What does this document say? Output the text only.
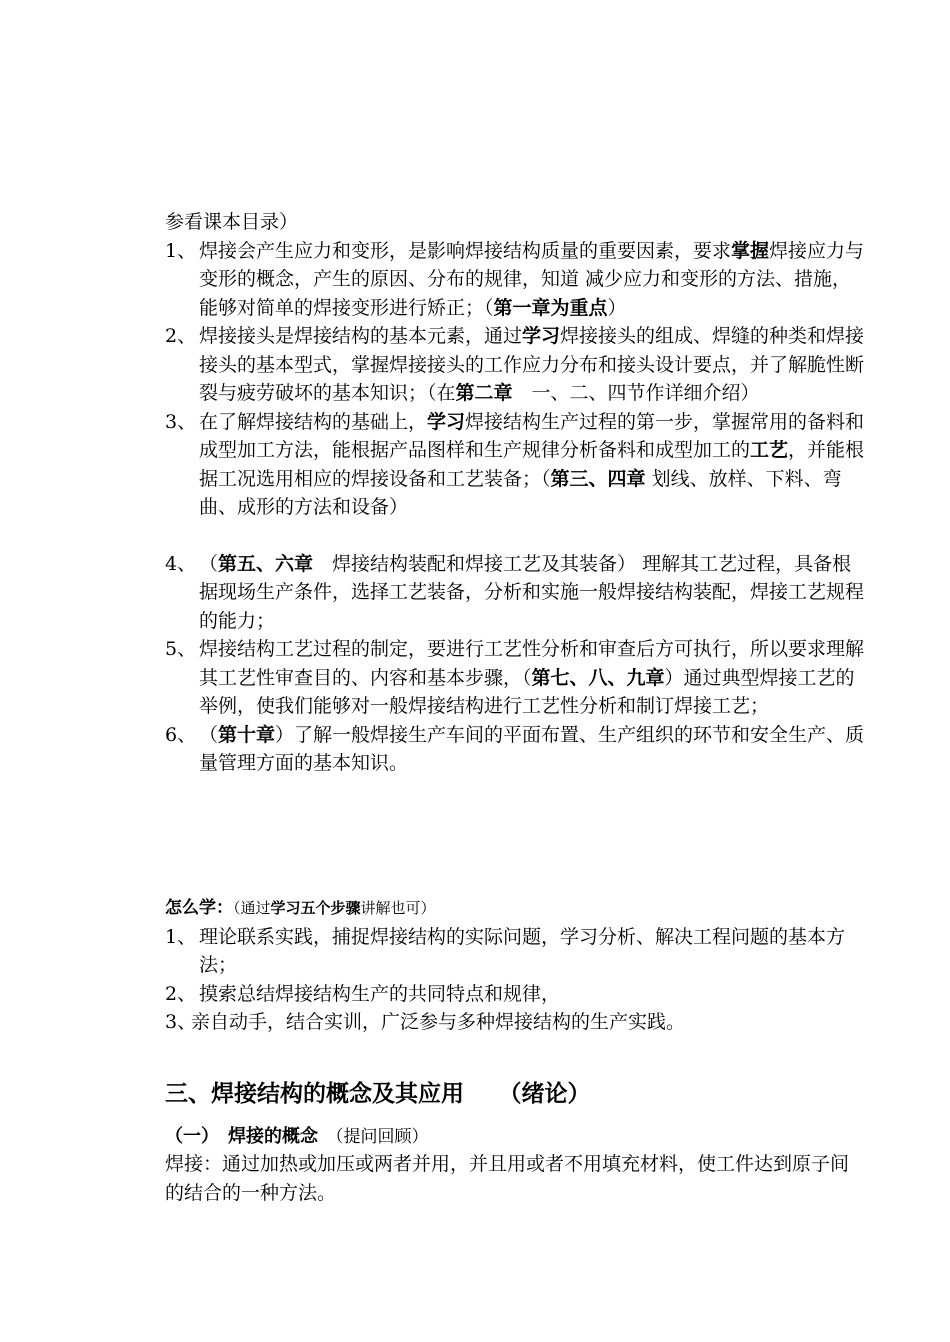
参看课本目录）
1、 焊接会产生应力和变形，是影响焊接结构质量的重要因素，要求掌握焊接应力与变形的概念，产生的原因、分布的规律，知道 减少应力和变形的方法、措施，能够对简单的焊接变形进行矫正；（第一章为重点）
2、 焊接接头是焊接结构的基本元素，通过学习焊接接头的组成、焊缝的种类和焊接接头的基本型式，掌握焊接接头的工作应力分布和接头设计要点，并了解脆性断裂与疲劳破坏的基本知识；（在第二章　一、二、四节作详细介绍）
3、 在了解焊接结构的基础上，学习焊接结构生产过程的第一步，掌握常用的备料和成型加工方法，能根据产品图样和生产规律分析备料和成型加工的工艺，并能根据工况选用相应的焊接设备和工艺装备；（第三、四章 划线、放样、下料、弯曲、成形的方法和设备）
4、 （第五、六章　焊接结构装配和焊接工艺及其装备） 理解其工艺过程，具备根据现场生产条件，选择工艺装备，分析和实施一般焊接结构装配，焊接工艺规程的能力；
5、 焊接结构工艺过程的制定，要进行工艺性分析和审查后方可执行，所以要求理解其工艺性审查目的、内容和基本步骤，（第七、八、九章）通过典型焊接工艺的 举例，使我们能够对一般焊接结构进行工艺性分析和制订焊接工艺；
6、 （第十章）了解一般焊接生产车间的平面布置、生产组织的环节和安全生产、质量管理方面的基本知识。
怎么学：（通过学习五个步骤讲解也可）
1、 理论联系实践，捕捉焊接结构的实际问题，学习分析、解决工程问题的基本方法；
2、 摸索总结焊接结构生产的共同特点和规律，
3、
亲自动手，结合实训，广泛参与多种焊接结构的生产实践。
三、焊接结构的概念及其应用　　（绪论）
（一）　焊接的概念　（提问回顾）
焊接：通过加热或加压或两者并用，并且用或者不用填充材料，使工件达到原子间的结合的一种方法。
